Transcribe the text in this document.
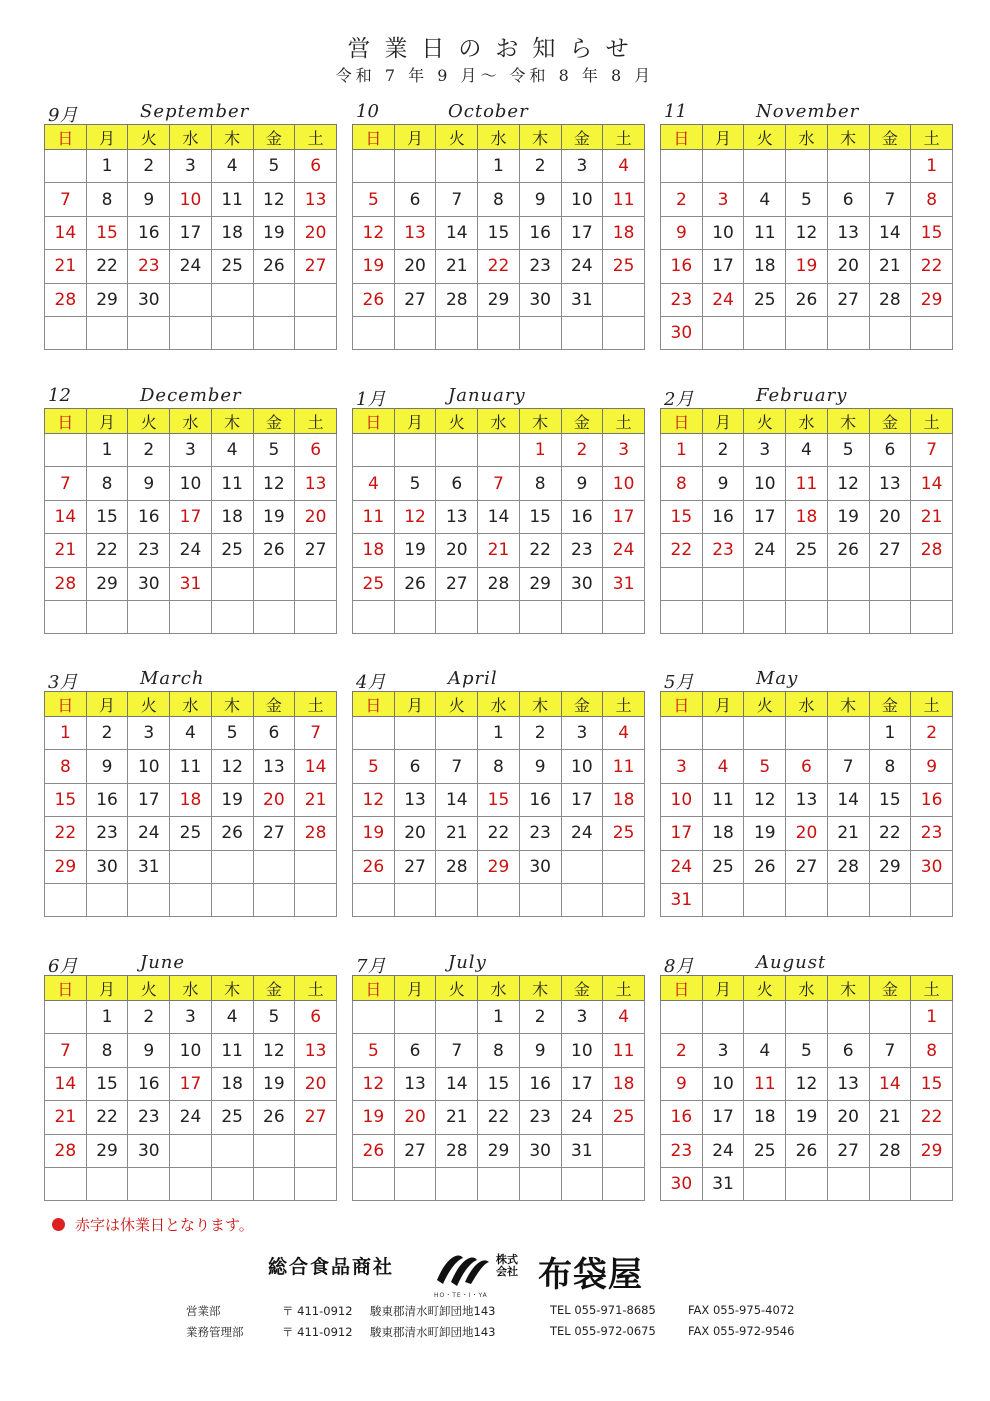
営業日のお知らせ
令和 7 年 9 月〜 令和 8 年 8 月
9月	September
日	月	火	水	木	金	土
	1	2	3	4	5	6
7	8	9	10	11	12	13
14	15	16	17	18	19	20
21	22	23	24	25	26	27
28	29	30				

10	October
日	月	火	水	木	金	土
			1	2	3	4
5	6	7	8	9	10	11
12	13	14	15	16	17	18
19	20	21	22	23	24	25
26	27	28	29	30	31	

11	November
日	月	火	水	木	金	土
						1
2	3	4	5	6	7	8
9	10	11	12	13	14	15
16	17	18	19	20	21	22
23	24	25	26	27	28	29
30						
12	December
日	月	火	水	木	金	土
	1	2	3	4	5	6
7	8	9	10	11	12	13
14	15	16	17	18	19	20
21	22	23	24	25	26	27
28	29	30	31			

1月	January
日	月	火	水	木	金	土
				1	2	3
4	5	6	7	8	9	10
11	12	13	14	15	16	17
18	19	20	21	22	23	24
25	26	27	28	29	30	31

2月	February
日	月	火	水	木	金	土
1	2	3	4	5	6	7
8	9	10	11	12	13	14
15	16	17	18	19	20	21
22	23	24	25	26	27	28

3月	March
日	月	火	水	木	金	土
1	2	3	4	5	6	7
8	9	10	11	12	13	14
15	16	17	18	19	20	21
22	23	24	25	26	27	28
29	30	31				

4月	April
日	月	火	水	木	金	土
			1	2	3	4
5	6	7	8	9	10	11
12	13	14	15	16	17	18
19	20	21	22	23	24	25
26	27	28	29	30		

5月	May
日	月	火	水	木	金	土
					1	2
3	4	5	6	7	8	9
10	11	12	13	14	15	16
17	18	19	20	21	22	23
24	25	26	27	28	29	30
31						
6月	June
日	月	火	水	木	金	土
	1	2	3	4	5	6
7	8	9	10	11	12	13
14	15	16	17	18	19	20
21	22	23	24	25	26	27
28	29	30				

7月	July
日	月	火	水	木	金	土
			1	2	3	4
5	6	7	8	9	10	11
12	13	14	15	16	17	18
19	20	21	22	23	24	25
26	27	28	29	30	31	

8月	August
日	月	火	水	木	金	土
						1
2	3	4	5	6	7	8
9	10	11	12	13	14	15
16	17	18	19	20	21	22
23	24	25	26	27	28	29
30	31					
赤字は休業日となります。
総合食品商社
HO・TE・I・YA
株式
会社 布袋屋
営業部	〒 411-0912 駿東郡清水町卸団地143	TEL 055-971-8685	FAX 055-975-4072
業務管理部	〒 411-0912 駿東郡清水町卸団地143	TEL 055-972-0675	FAX 055-972-9546
